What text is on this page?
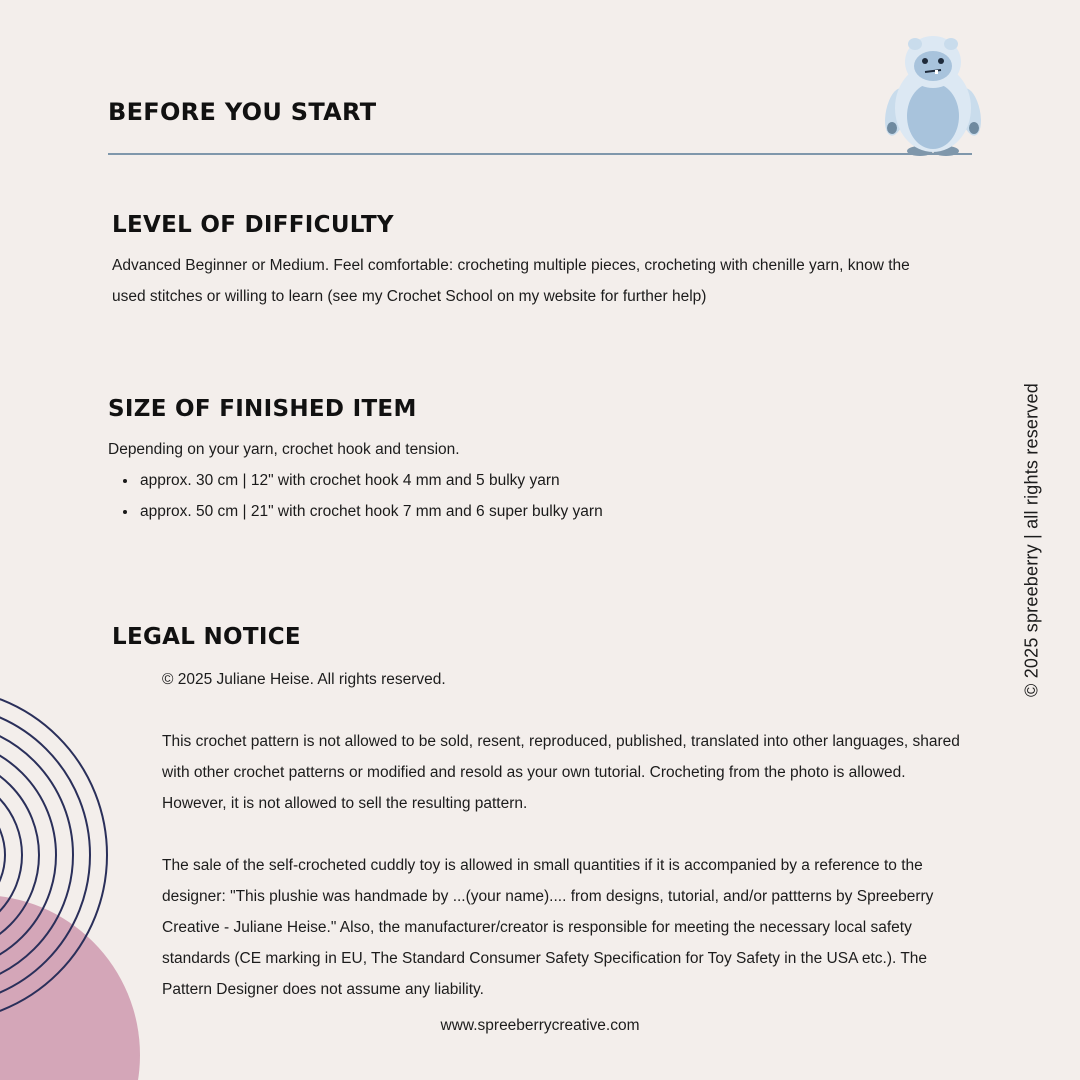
BEFORE YOU START
LEVEL OF DIFFICULTY

Advanced Beginner or Medium. Feel comfortable: crocheting multiple pieces, crocheting with chenille yarn, know the used stitches or willing to learn (see my Crochet School on my website for further help)

SIZE OF FINISHED ITEM

Depending on your yarn, crochet hook and tension.

• approx. 30 cm | 12" with crochet hook 4 mm and 5 bulky yarn
• approx. 50 cm | 21" with crochet hook 7 mm and 6 super bulky yarn
LEGAL NOTICE

© 2025 Juliane Heise. All rights reserved.

This crochet pattern is not allowed to be sold, resent, reproduced, published, translated into other languages, shared with other crochet patterns or modified and resold as your own tutorial. Crocheting from the photo is allowed. However, it is not allowed to sell the resulting pattern.

The sale of the self-crocheted cuddly toy is allowed in small quantities if it is accompanied by a reference to the designer: "This plushie was handmade by ...(your name).... from designs, tutorial, and/or pattterns by Spreeberry Creative - Juliane Heise." Also, the manufacturer/creator is responsible for meeting the necessary local safety standards (CE marking in EU, The Standard Consumer Safety Specification for Toy Safety in the USA etc.). The Pattern Designer does not assume any liability.

© 2025 spreeberry | all rights reserved
www.spreeberrycreative.com
